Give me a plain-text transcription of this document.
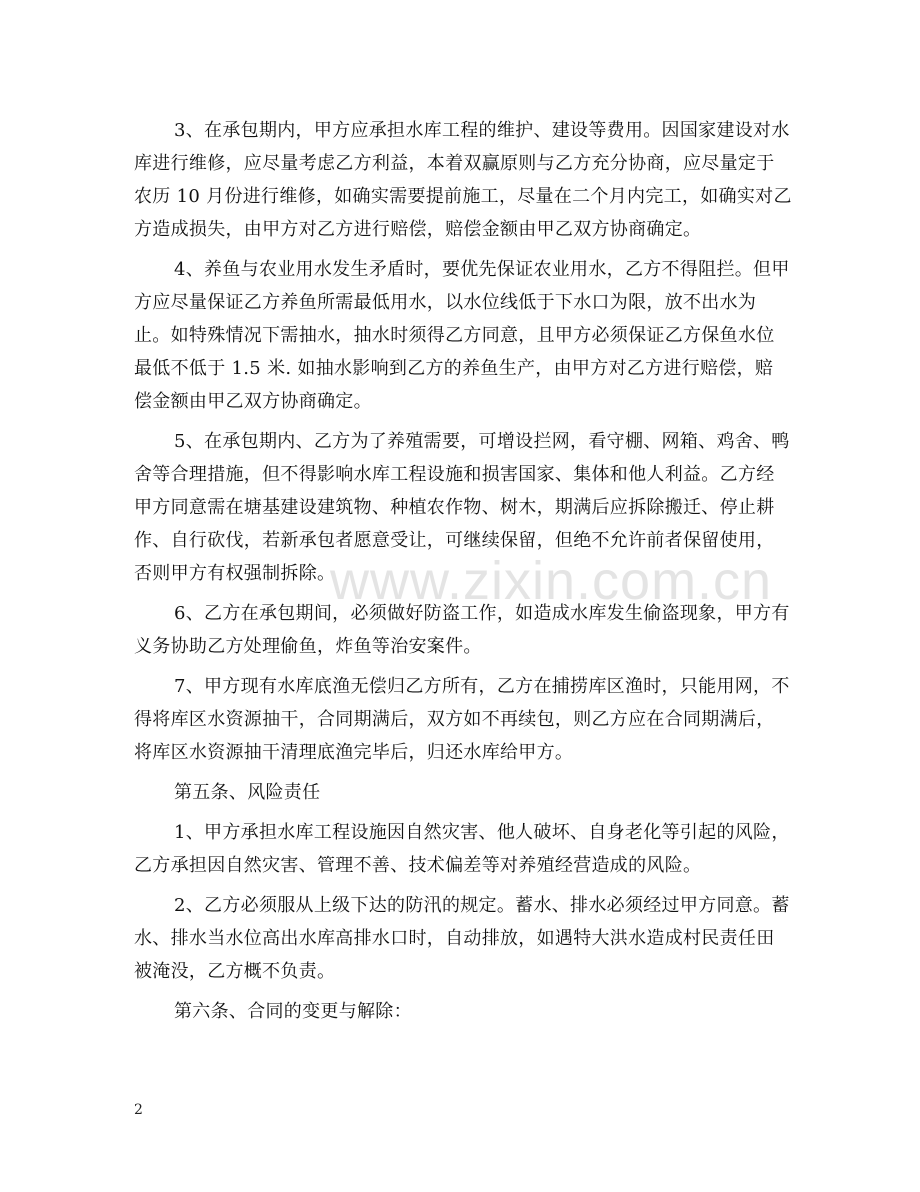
3、在承包期内，甲方应承担水库工程的维护、建设等费用。因国家建设对水
库进行维修，应尽量考虑乙方利益，本着双赢原则与乙方充分协商，应尽量定于
农历 10 月份进行维修，如确实需要提前施工，尽量在二个月内完工，如确实对乙
方造成损失，由甲方对乙方进行赔偿，赔偿金额由甲乙双方协商确定。
4、养鱼与农业用水发生矛盾时，要优先保证农业用水，乙方不得阻拦。但甲
方应尽量保证乙方养鱼所需最低用水，以水位线低于下水口为限，放不出水为
止。如特殊情况下需抽水，抽水时须得乙方同意，且甲方必须保证乙方保鱼水位
最低不低于 1.5 米. 如抽水影响到乙方的养鱼生产，由甲方对乙方进行赔偿，赔
偿金额由甲乙双方协商确定。
5、在承包期内、乙方为了养殖需要，可增设拦网，看守棚、网箱、鸡舍、鸭
舍等合理措施，但不得影响水库工程设施和损害国家、集体和他人利益。乙方经
甲方同意需在塘基建设建筑物、种植农作物、树木，期满后应拆除搬迁、停止耕
作、自行砍伐，若新承包者愿意受让，可继续保留，但绝不允许前者保留使用，
否则甲方有权强制拆除。
6、乙方在承包期间，必须做好防盗工作，如造成水库发生偷盗现象，甲方有
义务协助乙方处理偷鱼，炸鱼等治安案件。
7、甲方现有水库底渔无偿归乙方所有，乙方在捕捞库区渔时，只能用网，不
得将库区水资源抽干，合同期满后，双方如不再续包，则乙方应在合同期满后，
将库区水资源抽干清理底渔完毕后，归还水库给甲方。
第五条、风险责任
1、甲方承担水库工程设施因自然灾害、他人破坏、自身老化等引起的风险，
乙方承担因自然灾害、管理不善、技术偏差等对养殖经营造成的风险。
2、乙方必须服从上级下达的防汛的规定。蓄水、排水必须经过甲方同意。蓄
水、排水当水位高出水库高排水口时，自动排放，如遇特大洪水造成村民责任田
被淹没，乙方概不负责。
第六条、合同的变更与解除：
www.zixin.com.cn
2
